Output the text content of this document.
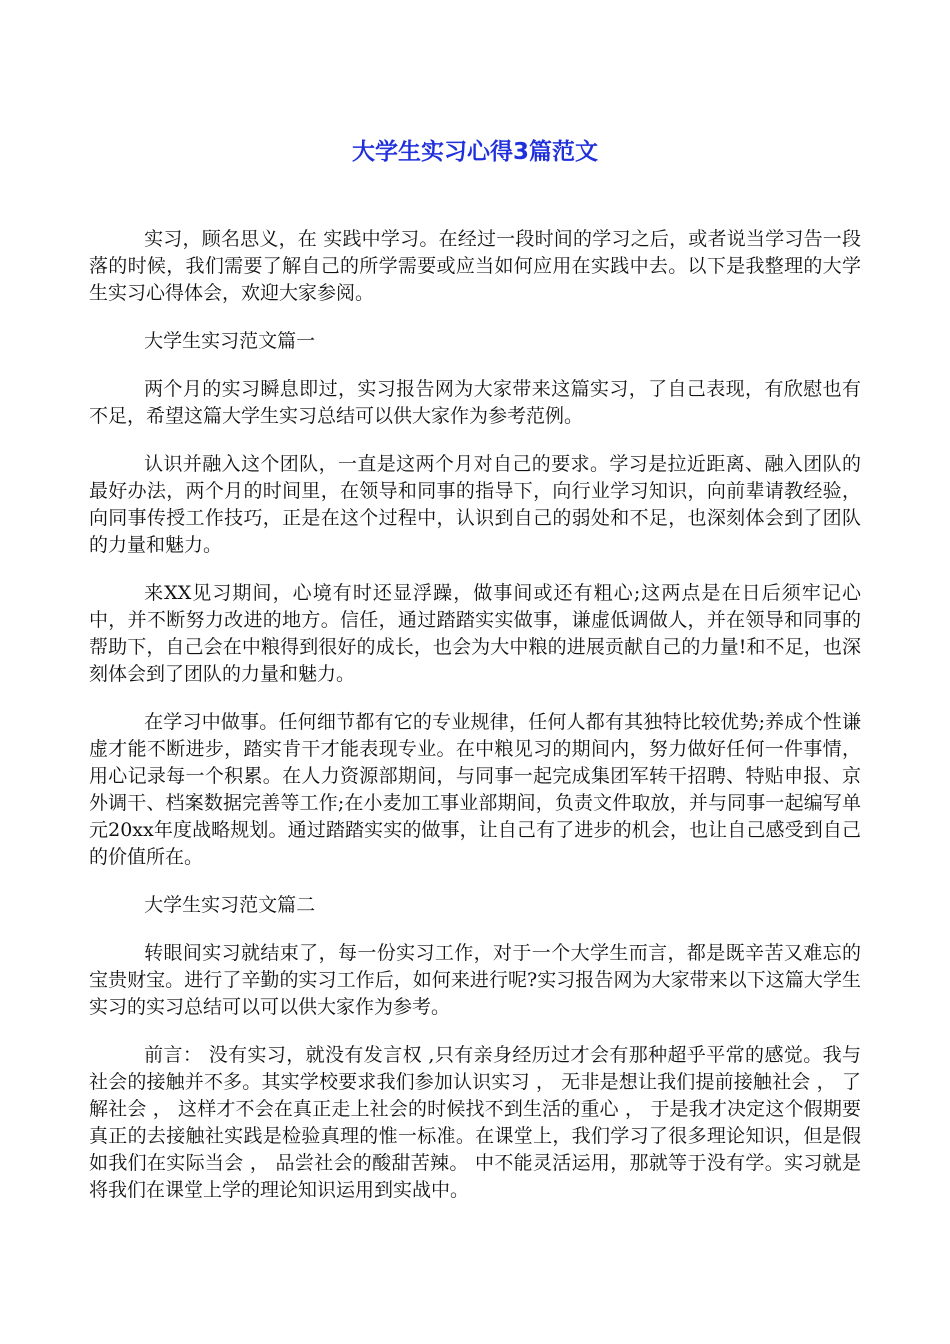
大学生实习心得3篇范文

实习，顾名思义，在 实践中学习。在经过一段时间的学习之后，或者说当学习告一段落的时候，我们需要了解自己的所学需要或应当如何应用在实践中去。以下是我整理的大学生实习心得体会，欢迎大家参阅。

大学生实习范文篇一

两个月的实习瞬息即过，实习报告网为大家带来这篇实习，了自己表现，有欣慰也有不足，希望这篇大学生实习总结可以供大家作为参考范例。

认识并融入这个团队，一直是这两个月对自己的要求。学习是拉近距离、融入团队的最好办法，两个月的时间里，在领导和同事的指导下，向行业学习知识，向前辈请教经验，向同事传授工作技巧，正是在这个过程中，认识到自己的弱处和不足，也深刻体会到了团队的力量和魅力。

来XX见习期间，心境有时还显浮躁，做事间或还有粗心;这两点是在日后须牢记心中，并不断努力改进的地方。信任，通过踏踏实实做事，谦虚低调做人，并在领导和同事的帮助下，自己会在中粮得到很好的成长，也会为大中粮的进展贡献自己的力量!和不足，也深刻体会到了团队的力量和魅力。

在学习中做事。任何细节都有它的专业规律，任何人都有其独特比较优势;养成个性谦虚才能不断进步，踏实肯干才能表现专业。在中粮见习的期间内，努力做好任何一件事情，用心记录每一个积累。在人力资源部期间，与同事一起完成集团军转干招聘、特贴申报、京外调干、档案数据完善等工作;在小麦加工事业部期间，负责文件取放，并与同事一起编写单元20xx年度战略规划。通过踏踏实实的做事，让自己有了进步的机会，也让自己感受到自己的价值所在。

大学生实习范文篇二

转眼间实习就结束了，每一份实习工作，对于一个大学生而言，都是既辛苦又难忘的宝贵财宝。进行了辛勤的实习工作后，如何来进行呢?实习报告网为大家带来以下这篇大学生实习的实习总结可以可以供大家作为参考。

前言： 没有实习，就没有发言权 ,只有亲身经历过才会有那种超乎平常的感觉。我与社会的接触并不多。其实学校要求我们参加认识实习 ， 无非是想让我们提前接触社会 ， 了解社会 ， 这样才不会在真正走上社会的时候找不到生活的重心 ， 于是我才决定这个假期要真正的去接触社实践是检验真理的惟一标准。在课堂上，我们学习了很多理论知识，但是假如我们在实际当会 ， 品尝社会的酸甜苦辣。 中不能灵活运用，那就等于没有学。实习就是将我们在课堂上学的理论知识运用到实战中。
